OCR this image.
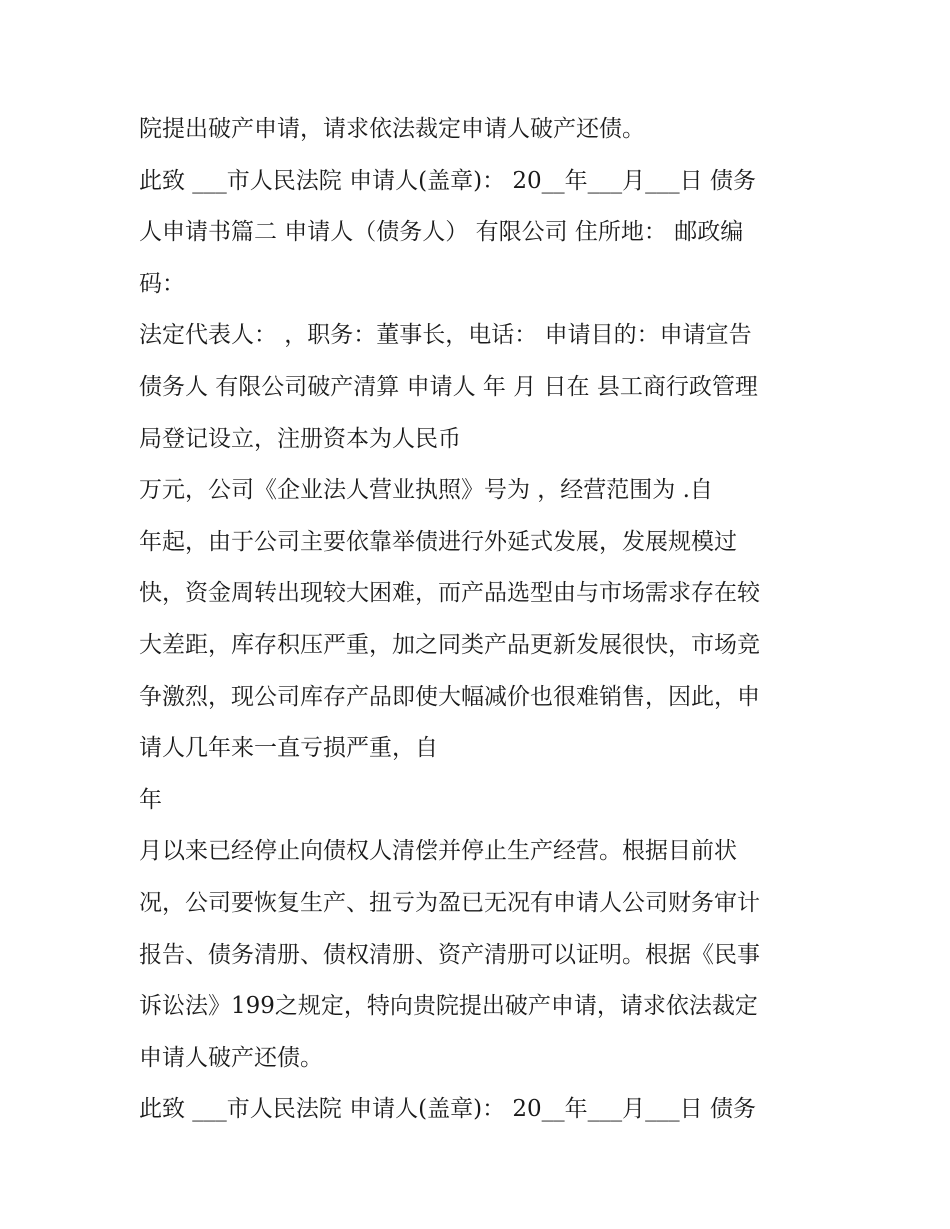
院提出破产申请，请求依法裁定申请人破产还债。

此致 ___市人民法院 申请人(盖章)： 20__年___月___日 债务

人申请书篇二 申请人（债务人） 有限公司 住所地： 邮政编

码：

法定代表人： ，职务：董事长，电话： 申请目的：申请宣告

债务人 有限公司破产清算 申请人 年 月 日在 县工商行政管理

局登记设立，注册资本为人民币

万元，公司《企业法人营业执照》号为 ，经营范围为 .自

年起，由于公司主要依靠举债进行外延式发展，发展规模过

快，资金周转出现较大困难，而产品选型由与市场需求存在较

大差距，库存积压严重，加之同类产品更新发展很快，市场竞

争激烈，现公司库存产品即使大幅减价也很难销售，因此，申

请人几年来一直亏损严重，自

年

月以来已经停止向债权人清偿并停止生产经营。根据目前状

况，公司要恢复生产、扭亏为盈已无况有申请人公司财务审计

报告、债务清册、债权清册、资产清册可以证明。根据《民事

诉讼法》199之规定，特向贵院提出破产申请，请求依法裁定

申请人破产还债。

此致 ___市人民法院 申请人(盖章)： 20__年___月___日 债务
